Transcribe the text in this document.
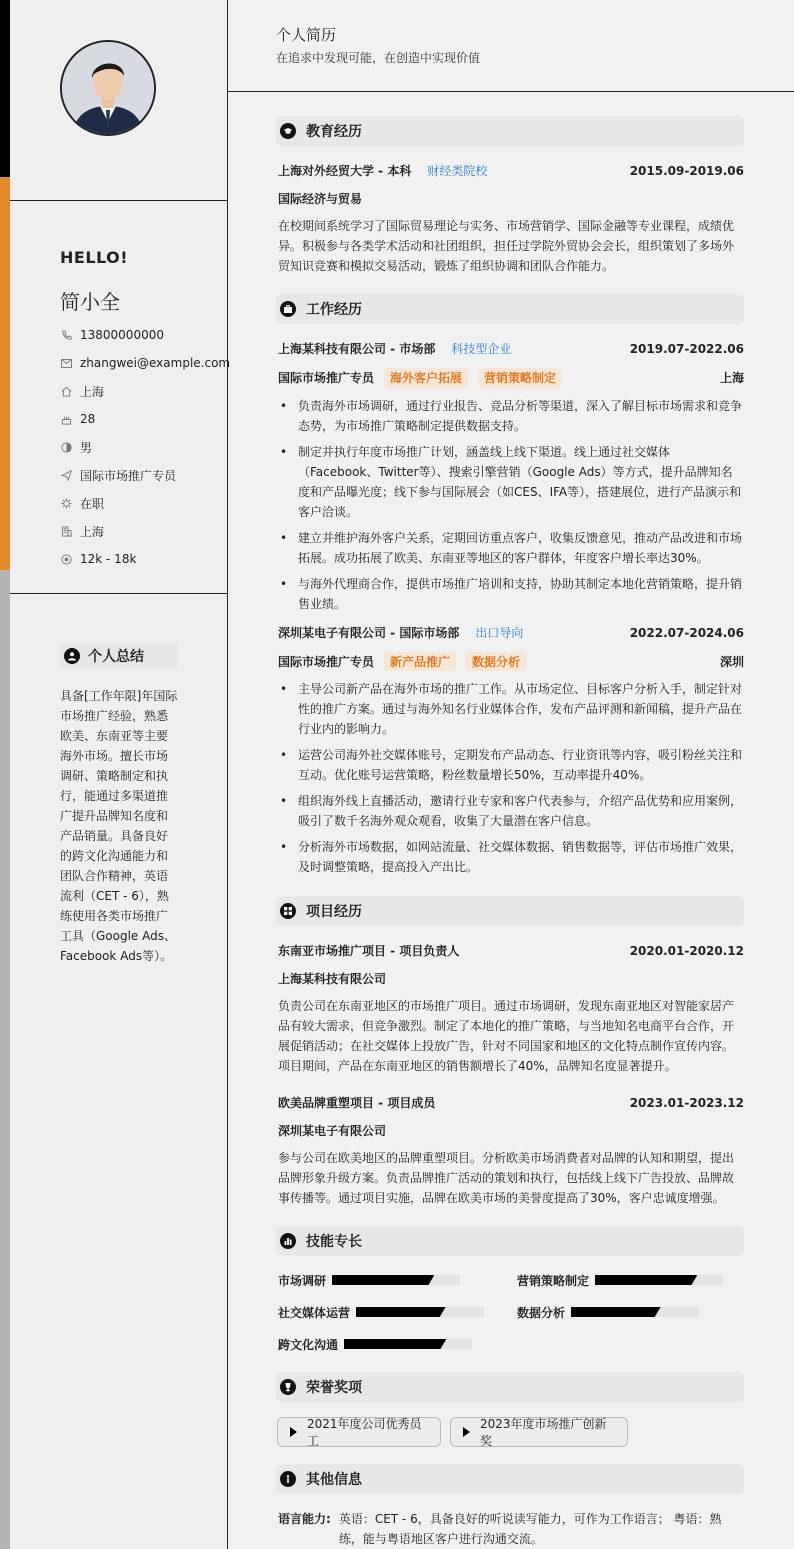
HELLO!
简小全
13800000000
zhangwei@example.com
上海
28
男
国际市场推广专员
在职
上海
12k - 18k
个人总结
具备[工作年限]年国际市场推广经验，熟悉欧美、东南亚等主要海外市场。擅长市场调研、策略制定和执行，能通过多渠道推广提升品牌知名度和产品销量。具备良好的跨文化沟通能力和团队合作精神，英语流利（CET - 6），熟练使用各类市场推广工具（Google Ads、Facebook Ads等）。
个人简历
在追求中发现可能，在创造中实现价值
教育经历
上海对外经贸大学 - 本科 财经类院校	2015.09-2019.06
国际经济与贸易
在校期间系统学习了国际贸易理论与实务、市场营销学、国际金融等专业课程，成绩优异。积极参与各类学术活动和社团组织，担任过学院外贸协会会长，组织策划了多场外贸知识竞赛和模拟交易活动，锻炼了组织协调和团队合作能力。
工作经历
上海某科技有限公司 - 市场部 科技型企业	2019.07-2022.06
国际市场推广专员	海外客户拓展	营销策略制定	上海
• 负责海外市场调研，通过行业报告、竞品分析等渠道，深入了解目标市场需求和竞争态势，为市场推广策略制定提供数据支持。
• 制定并执行年度市场推广计划，涵盖线上线下渠道。线上通过社交媒体（Facebook、Twitter等）、搜索引擎营销（Google Ads）等方式，提升品牌知名度和产品曝光度；线下参与国际展会（如CES、IFA等），搭建展位，进行产品演示和客户洽谈。
• 建立并维护海外客户关系，定期回访重点客户，收集反馈意见，推动产品改进和市场拓展。成功拓展了欧美、东南亚等地区的客户群体，年度客户增长率达30%。
• 与海外代理商合作，提供市场推广培训和支持，协助其制定本地化营销策略，提升销售业绩。
深圳某电子有限公司 - 国际市场部 出口导向	2022.07-2024.06
国际市场推广专员	新产品推广	数据分析	深圳
• 主导公司新产品在海外市场的推广工作。从市场定位、目标客户分析入手，制定针对性的推广方案。通过与海外知名行业媒体合作，发布产品评测和新闻稿，提升产品在行业内的影响力。
• 运营公司海外社交媒体账号，定期发布产品动态、行业资讯等内容，吸引粉丝关注和互动。优化账号运营策略，粉丝数量增长50%，互动率提升40%。
• 组织海外线上直播活动，邀请行业专家和客户代表参与，介绍产品优势和应用案例，吸引了数千名海外观众观看，收集了大量潜在客户信息。
• 分析海外市场数据，如网站流量、社交媒体数据、销售数据等，评估市场推广效果，及时调整策略，提高投入产出比。
项目经历
东南亚市场推广项目 - 项目负责人	2020.01-2020.12
上海某科技有限公司
负责公司在东南亚地区的市场推广项目。通过市场调研，发现东南亚地区对智能家居产品有较大需求，但竞争激烈。制定了本地化的推广策略，与当地知名电商平台合作，开展促销活动；在社交媒体上投放广告，针对不同国家和地区的文化特点制作宣传内容。项目期间，产品在东南亚地区的销售额增长了40%，品牌知名度显著提升。
欧美品牌重塑项目 - 项目成员	2023.01-2023.12
深圳某电子有限公司
参与公司在欧美地区的品牌重塑项目。分析欧美市场消费者对品牌的认知和期望，提出品牌形象升级方案。负责品牌推广活动的策划和执行，包括线上线下广告投放、品牌故事传播等。通过项目实施，品牌在欧美市场的美誉度提高了30%，客户忠诚度增强。
技能专长
市场调研	营销策略制定
社交媒体运营	数据分析
跨文化沟通
荣誉奖项
2021年度公司优秀员工
2023年度市场推广创新奖
其他信息
语言能力: 英语：CET - 6，具备良好的听说读写能力，可作为工作语言； 粤语：熟练，能与粤语地区客户进行沟通交流。
